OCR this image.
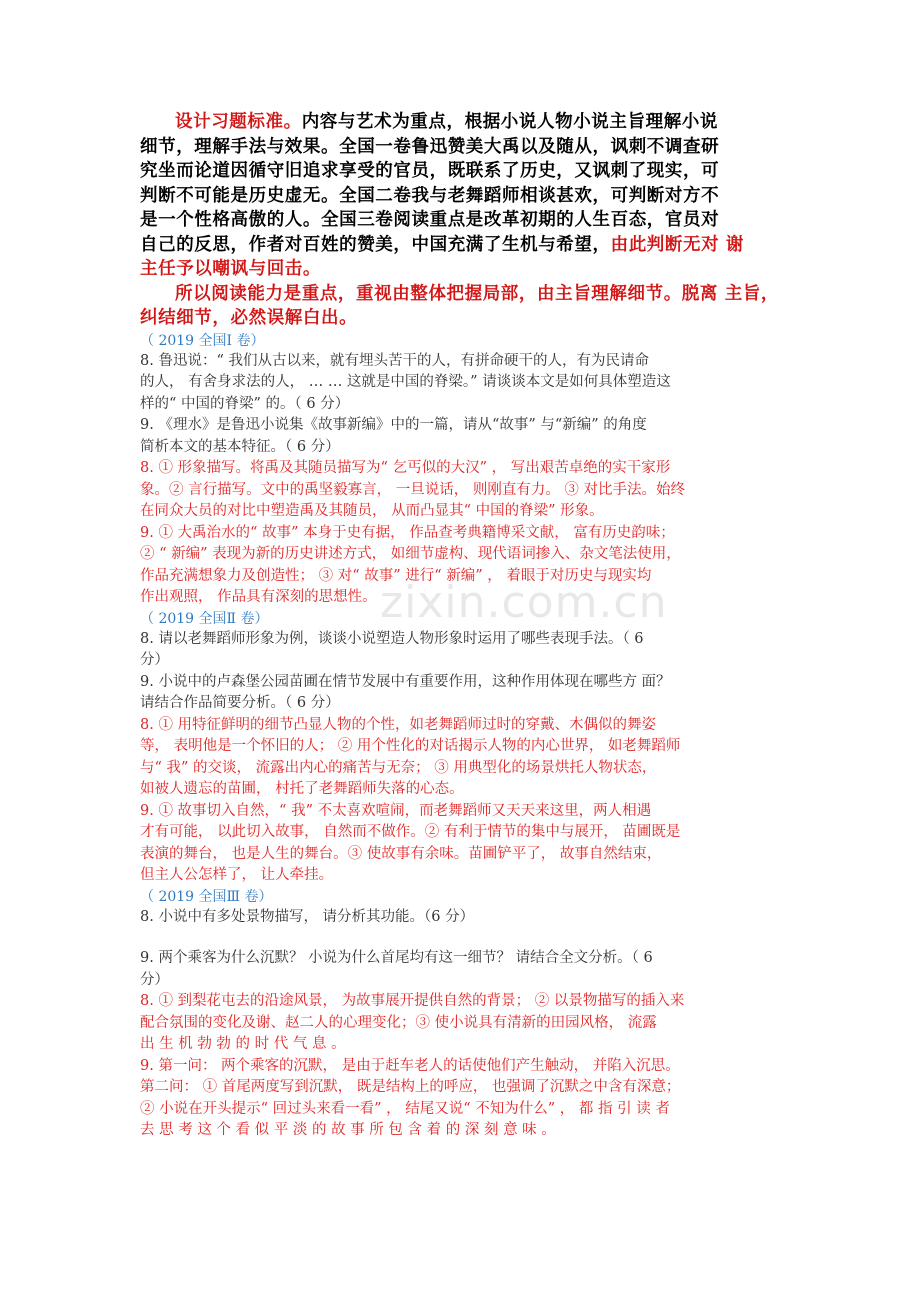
zixin.com.cn

设计习题标准。内容与艺术为重点，根据小说人物小说主旨理解小说

细节，理解手法与效果。全国一卷鲁迅赞美大禹以及随从，讽刺不调查研
究坐而论道因循守旧追求享受的官员，既联系了历史，又讽刺了现实，可
判断不可能是历史虚无。全国二卷我与老舞蹈师相谈甚欢，可判断对方不
是一个性格高傲的人。全国三卷阅读重点是改革初期的人生百态，官员对
自己的反思，作者对百姓的赞美，中国充满了生机与希望，由此判断无对 谢
主任予以嘲讽与回击。

所以阅读能力是重点，重视由整体把握局部，由主旨理解细节。脱离 主旨，

纠结细节，必然误解白出。
（ 2019 全国Ⅰ 卷）
8. 鲁迅说：“ 我们从古以来，就有埋头苦干的人，有拼命硬干的人，有为民请命
的人， 有舍身求法的人， … … 这就是中国的脊梁。” 请谈谈本文是如何具体塑造这
样的“ 中国的脊梁” 的。（ 6 分）
9. 《理水》是鲁迅小说集《故事新编》中的一篇，请从“故事” 与“新编” 的角度
简析本文的基本特征。（ 6 分）
8. ① 形象描写。将禹及其随员描写为“ 乞丐似的大汉” ， 写出艰苦卓绝的实干家形
象。② 言行描写。文中的禹坚毅寡言， 一旦说话， 则刚直有力。 ③ 对比手法。始终
在同众大员的对比中塑造禹及其随员， 从而凸显其“ 中国的脊梁” 形象。
9. ① 大禹治水的“ 故事” 本身于史有据， 作品查考典籍博采文献， 富有历史韵味；
② “ 新编” 表现为新的历史讲述方式， 如细节虚构、现代语词掺入、杂文笔法使用，
作品充满想象力及创造性； ③ 对“ 故事” 进行“ 新编” ， 着眼于对历史与现实均
作出观照， 作品具有深刻的思想性。
（ 2019 全国Ⅱ 卷）
8. 请以老舞蹈师形象为例，谈谈小说塑造人物形象时运用了哪些表现手法。（ 6
分）
9. 小说中的卢森堡公园苗圃在情节发展中有重要作用，这种作用体现在哪些方 面？
请结合作品简要分析。（ 6 分）
8. ① 用特征鲜明的细节凸显人物的个性，如老舞蹈师过时的穿戴、木偶似的舞姿
等， 表明他是一个怀旧的人； ② 用个性化的对话揭示人物的内心世界， 如老舞蹈师
与“ 我” 的交谈， 流露出内心的痛苦与无奈； ③ 用典型化的场景烘托人物状态，
如被人遗忘的苗圃， 村托了老舞蹈师失落的心态。
9. ① 故事切入自然，“ 我” 不太喜欢喧闹，而老舞蹈师又天天来这里，两人相遇
才有可能， 以此切入故事， 自然而不做作。② 有利于情节的集中与展开， 苗圃既是
表演的舞台， 也是人生的舞台。③ 使故事有余味。苗圃铲平了， 故事自然结束，
但主人公怎样了， 让人牵挂。
（ 2019 全国Ⅲ 卷）
8. 小说中有多处景物描写， 请分析其功能。（6 分）
9. 两个乘客为什么沉默？ 小说为什么首尾均有这一细节？ 请结合全文分析。（ 6
分）
8. ① 到梨花屯去的沿途风景， 为故事展开提供自然的背景； ② 以景物描写的插入来
配合氛围的变化及谢、赵二人的心理变化；③ 使小说具有清新的田园风格， 流露
出 生 机 勃 勃 的 时 代 气 息 。
9. 第一问： 两个乘客的沉默， 是由于赶车老人的话使他们产生触动， 并陷入沉思。
第二问： ① 首尾两度写到沉默， 既是结构上的呼应， 也强调了沉默之中含有深意；
② 小说在开头提示“ 回过头来看一看” ， 结尾又说“ 不知为什么” ， 都 指 引 读 者
去 思 考 这 个 看 似 平 淡 的 故 事 所 包 含 着 的 深 刻 意 味 。
